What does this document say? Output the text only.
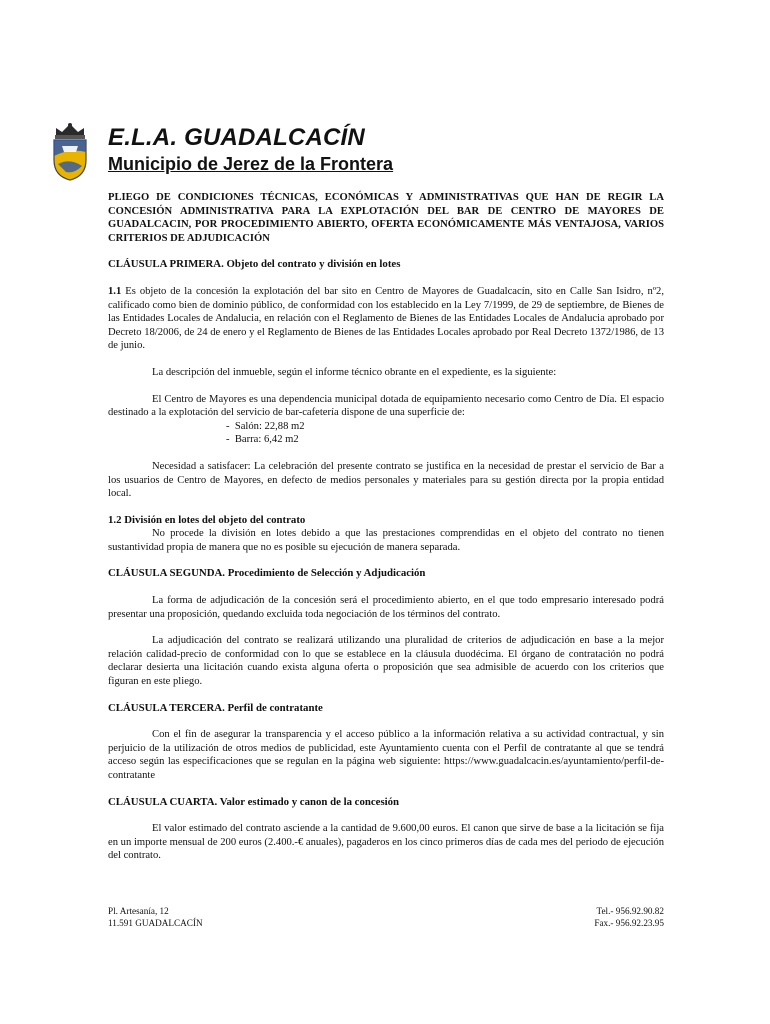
E.L.A. GUADALCACÍN
Municipio de Jerez de la Frontera

PLIEGO DE CONDICIONES TÉCNICAS, ECONÓMICAS Y ADMINISTRATIVAS QUE HAN DE REGIR LA CONCESIÓN ADMINISTRATIVA PARA LA EXPLOTACIÓN DEL BAR DE CENTRO DE MAYORES DE GUADALCACIN, POR PROCEDIMIENTO ABIERTO, OFERTA ECONÓMICAMENTE MÁS VENTAJOSA, VARIOS CRITERIOS DE ADJUDICACIÓN

CLÁUSULA PRIMERA. Objeto del contrato y división en lotes

1.1 Es objeto de la concesión la explotación del bar sito en Centro de Mayores de Guadalcacín, sito en Calle San Isidro, nº2, calificado como bien de dominio público, de conformidad con los establecido en la Ley 7/1999, de 29 de septiembre, de Bienes de las Entidades Locales de Andalucia, en relación con el Reglamento de Bienes de las Entidades Locales de Andalucia aprobado por Decreto 18/2006, de 24 de enero y el Reglamento de Bienes de las Entidades Locales aprobado por Real Decreto 1372/1986, de 13 de junio.

La descripción del inmueble, según el informe técnico obrante en el expediente, es la siguiente:

El Centro de Mayores es una dependencia municipal dotada de equipamiento necesario como Centro de Día. El espacio destinado a la explotación del servicio de bar-cafetería dispone de una superficie de:

- Salón: 22,88 m2
- Barra: 6,42 m2

Necesidad a satisfacer: La celebración del presente contrato se justifica en la necesidad de prestar el servicio de Bar a los usuarios de Centro de Mayores, en defecto de medios personales y materiales para su gestión directa por la propia entidad local.

1.2 División en lotes del objeto del contrato

No procede la división en lotes debido a que las prestaciones comprendidas en el objeto del contrato no tienen sustantividad propia de manera que no es posible su ejecución de manera separada.

CLÁUSULA SEGUNDA. Procedimiento de Selección y Adjudicación

La forma de adjudicación de la concesión será el procedimiento abierto, en el que todo empresario interesado podrá presentar una proposición, quedando excluida toda negociación de los términos del contrato.

La adjudicación del contrato se realizará utilizando una pluralidad de criterios de adjudicación en base a la mejor relación calidad-precio de conformidad con lo que se establece en la cláusula duodécima. El órgano de contratación no podrá declarar desierta una licitación cuando exista alguna oferta o proposición que sea admisible de acuerdo con los criterios que figuran en este pliego.

CLÁUSULA TERCERA. Perfil de contratante

Con el fin de asegurar la transparencia y el acceso público a la información relativa a su actividad contractual, y sin perjuicio de la utilización de otros medios de publicidad, este Ayuntamiento cuenta con el Perfil de contratante al que se tendrá acceso según las especificaciones que se regulan en la página web siguiente: https://www.guadalcacin.es/ayuntamiento/perfil-de-contratante

CLÁUSULA CUARTA. Valor estimado y canon de la concesión

El valor estimado del contrato asciende a la cantidad de 9.600,00 euros. El canon que sirve de base a la licitación se fija en un importe mensual de 200 euros (2.400.-€ anuales), pagaderos en los cinco primeros días de cada mes del periodo de ejecución del contrato.

Pl. Artesanía, 12
11.591 GUADALCACÍN
Tel.- 956.92.90.82
Fax.- 956.92.23.95
